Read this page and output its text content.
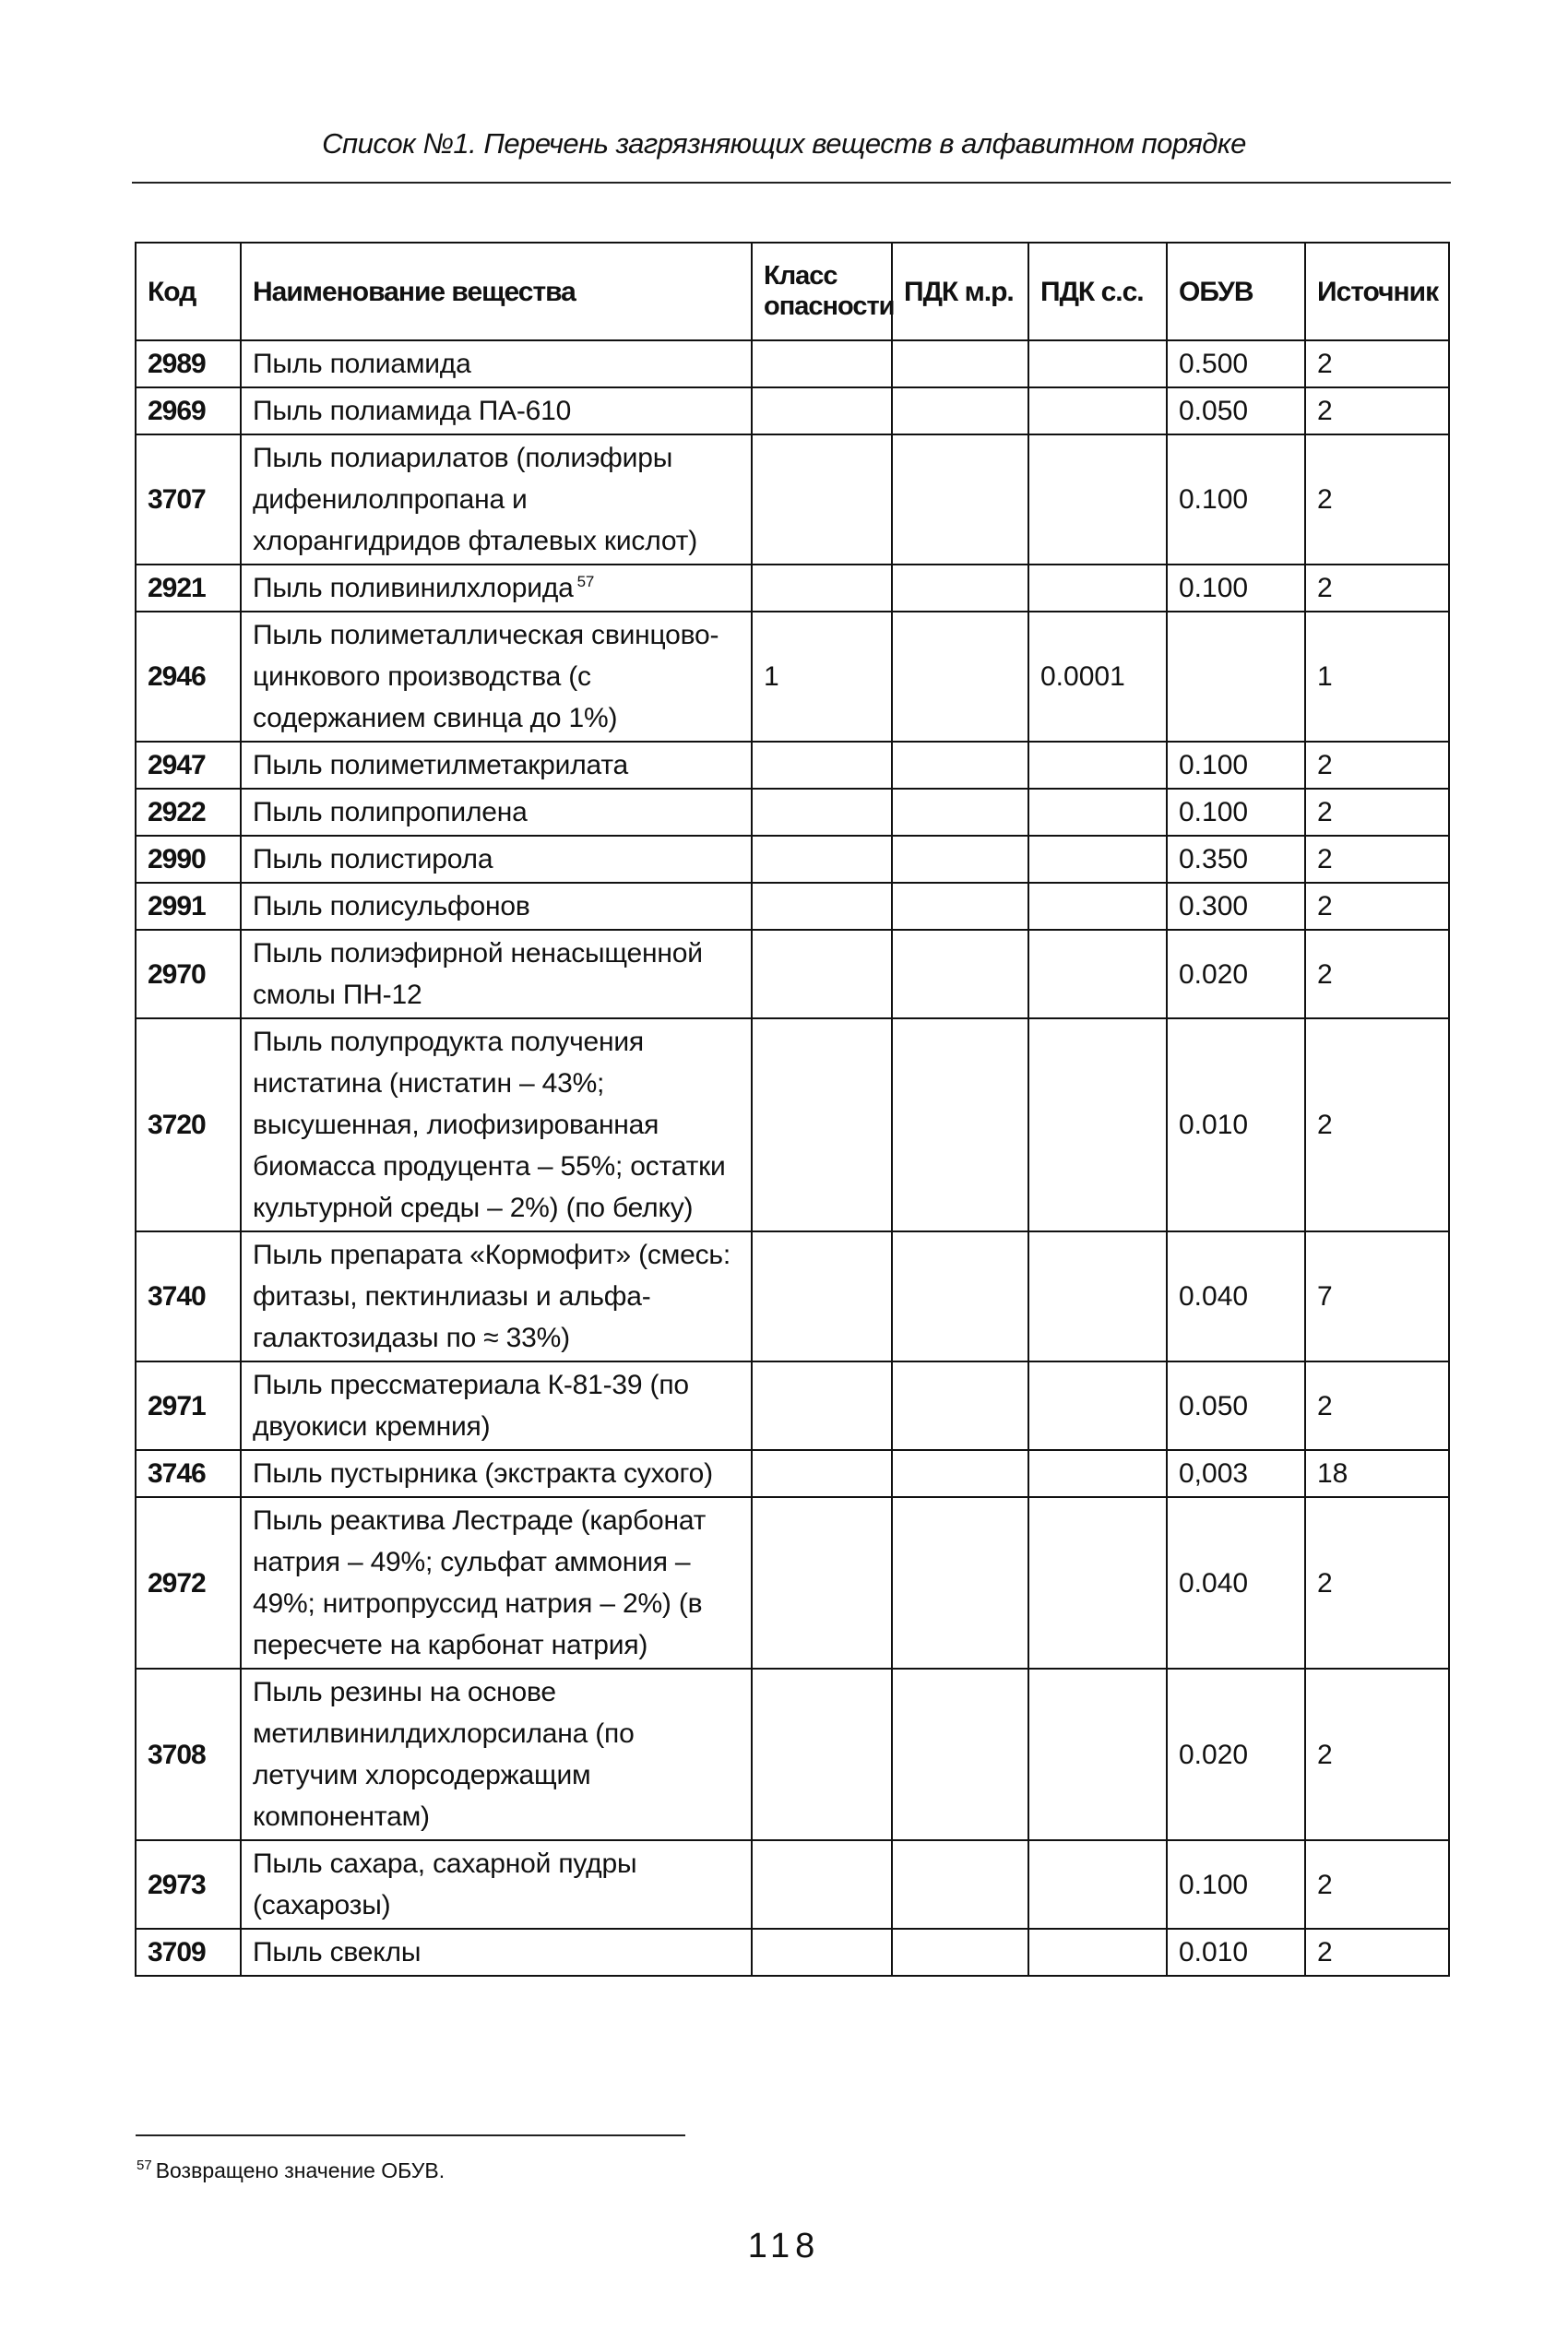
Список №1. Перечень загрязняющих веществ в алфавитном порядке
Код	Наименование вещества	Класс опасности	ПДК м.р.	ПДК с.с.	ОБУВ	Источник
2989	Пыль полиамида				0.500	2
2969	Пыль полиамида ПА-610				0.050	2
3707	Пыль полиарилатов (полиэфиры дифенилолпропана и хлорангидридов фталевых кислот)				0.100	2
2921	Пыль поливинилхлорида $^{57}$				0.100	2
2946	Пыль полиметаллическая свинцово-цинкового производства (с содержанием свинца до 1%)	1		0.0001		1
2947	Пыль полиметилметакрилата				0.100	2
2922	Пыль полипропилена				0.100	2
2990	Пыль полистирола				0.350	2
2991	Пыль полисульфонов				0.300	2
2970	Пыль полиэфирной ненасыщенной смолы ПН-12				0.020	2
3720	Пыль полупродукта получения нистатина (нистатин – 43%; высушенная, лиофизированная биомасса продуцента – 55%; остатки культурной среды – 2%) (по белку)				0.010	2
3740	Пыль препарата «Кормофит» (смесь: фитазы, пектинлиазы и альфа-галактозидазы по ≈ 33%)				0.040	7
2971	Пыль прессматериала К-81-39 (по двуокиси кремния)				0.050	2
3746	Пыль пустырника (экстракта сухого)				0,003	18
2972	Пыль реактива Лестраде (карбонат натрия – 49%; сульфат аммония – 49%; нитропруссид натрия – 2%) (в пересчете на карбонат натрия)				0.040	2
3708	Пыль резины на основе метилвинилдихлорсилана (по летучим хлорсодержащим компонентам)				0.020	2
2973	Пыль сахара, сахарной пудры (сахарозы)				0.100	2
3709	Пыль свеклы				0.010	2
$^{57}$ Возвращено значение ОБУВ.
118
